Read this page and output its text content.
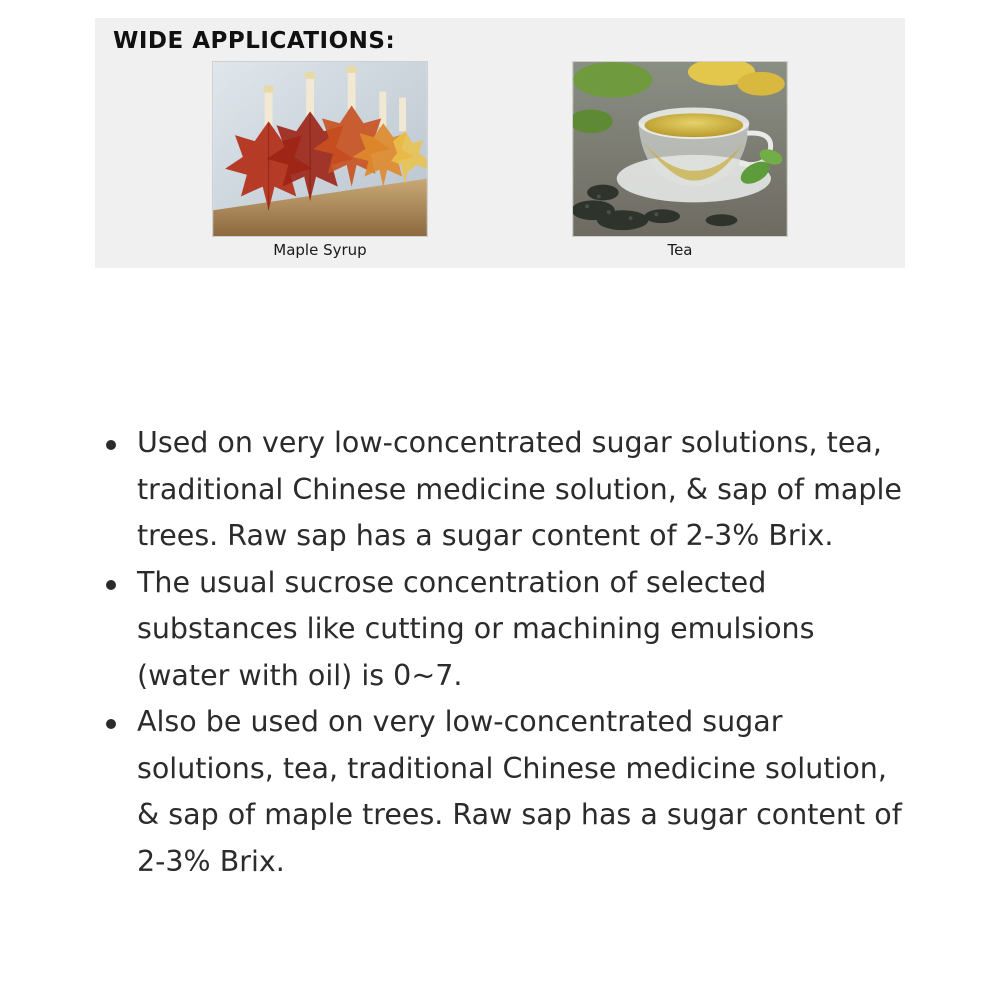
WIDE APPLICATIONS:
Maple Syrup	Tea
Used on very low-concentrated sugar solutions, tea, traditional Chinese medicine solution, & sap of maple trees. Raw sap has a sugar content of 2-3% Brix.
The usual sucrose concentration of selected substances like cutting or machining emulsions (water with oil) is 0~7.
Also be used on very low-concentrated sugar solutions, tea, traditional Chinese medicine solution, & sap of maple trees. Raw sap has a sugar content of 2-3% Brix.
